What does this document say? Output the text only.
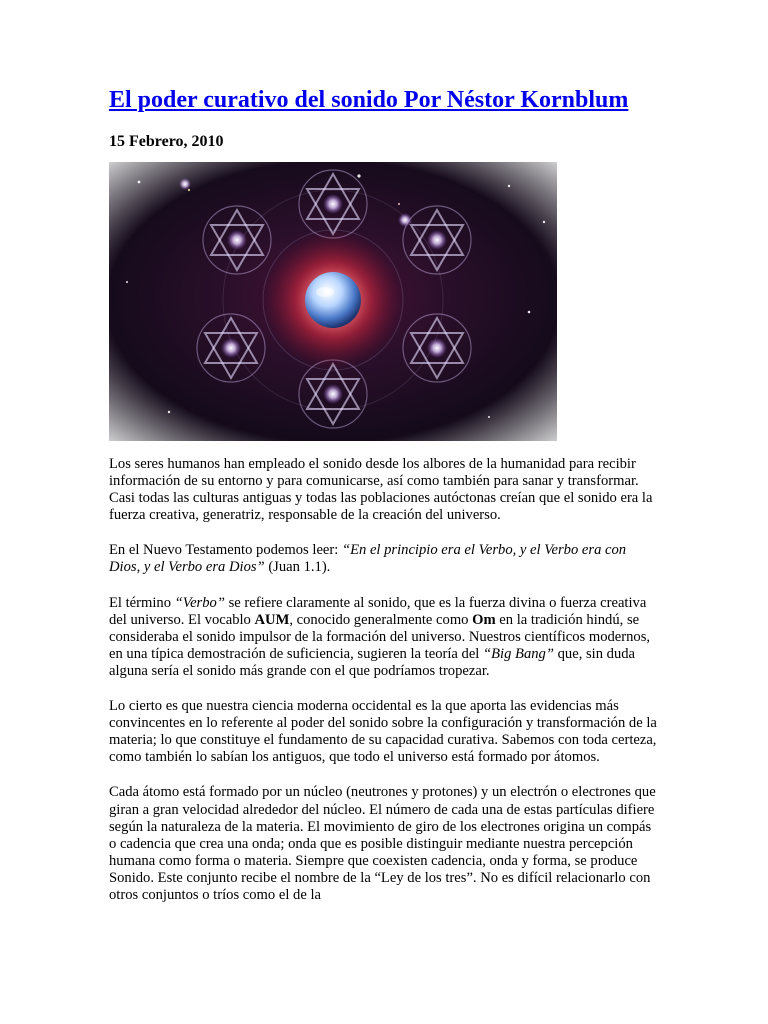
El poder curativo del sonido Por Néstor Kornblum
15 Febrero, 2010

Los seres humanos han empleado el sonido desde los albores de la humanidad para recibir información de su entorno y para comunicarse, así como también para sanar y transformar. Casi todas las culturas antiguas y todas las poblaciones autóctonas creían que el sonido era la fuerza creativa, generatriz, responsable de la creación del universo.

En el Nuevo Testamento podemos leer: “En el principio era el Verbo, y el Verbo era con Dios, y el Verbo era Dios” (Juan 1.1).

El término “Verbo” se refiere claramente al sonido, que es la fuerza divina o fuerza creativa del universo. El vocablo AUM, conocido generalmente como Om en la tradición hindú, se consideraba el sonido impulsor de la formación del universo. Nuestros científicos modernos, en una típica demostración de suficiencia, sugieren la teoría del “Big Bang” que, sin duda alguna sería el sonido más grande con el que podríamos tropezar.

Lo cierto es que nuestra ciencia moderna occidental es la que aporta las evidencias más convincentes en lo referente al poder del sonido sobre la configuración y transformación de la materia; lo que constituye el fundamento de su capacidad curativa. Sabemos con toda certeza, como también lo sabían los antiguos, que todo el universo está formado por átomos.

Cada átomo está formado por un núcleo (neutrones y protones) y un electrón o electrones que giran a gran velocidad alrededor del núcleo. El número de cada una de estas partículas difiere según la naturaleza de la materia. El movimiento de giro de los electrones origina un compás o cadencia que crea una onda; onda que es posible distinguir mediante nuestra percepción humana como forma o materia. Siempre que coexisten cadencia, onda y forma, se produce Sonido. Este conjunto recibe el nombre de la “Ley de los tres”. No es difícil relacionarlo con otros conjuntos o tríos como el de la
